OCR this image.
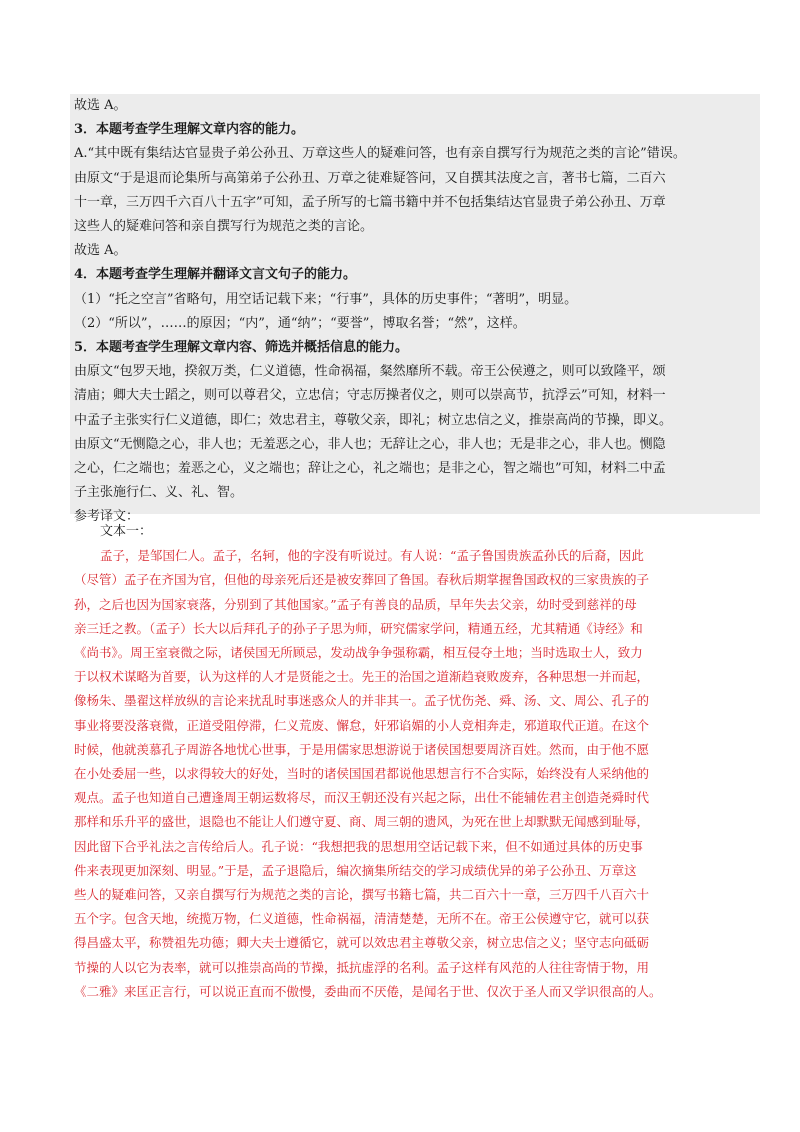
故选 A。
3．本题考查学生理解文章内容的能力。
A.“其中既有集结达官显贵子弟公孙丑、万章这些人的疑难问答，也有亲自撰写行为规范之类的言论”错误。
由原文“于是退而论集所与高第弟子公孙丑、万章之徒难疑答问，又自撰其法度之言，著书七篇，二百六
十一章，三万四千六百八十五字”可知，孟子所写的七篇书籍中并不包括集结达官显贵子弟公孙丑、万章
这些人的疑难问答和亲自撰写行为规范之类的言论。
故选 A。
4．本题考查学生理解并翻译文言文句子的能力。
（1）“托之空言”省略句，用空话记载下来；“行事”，具体的历史事件；“著明”，明显。
（2）“所以”，……的原因；“内”，通“纳”；“要誉”，博取名誉；“然”，这样。
5．本题考查学生理解文章内容、筛选并概括信息的能力。
由原文“包罗天地，揆叙万类，仁义道德，性命祸福，粲然靡所不载。帝王公侯遵之，则可以致隆平，颂
清庙；卿大夫士蹈之，则可以尊君父，立忠信；守志厉操者仪之，则可以崇高节，抗浮云”可知，材料一
中孟子主张实行仁义道德，即仁；效忠君主，尊敬父亲，即礼；树立忠信之义，推崇高尚的节操，即义。
由原文“无恻隐之心，非人也；无羞恶之心，非人也；无辞让之心，非人也；无是非之心，非人也。恻隐
之心，仁之端也；羞恶之心，义之端也；辞让之心，礼之端也；是非之心，智之端也”可知，材料二中孟
子主张施行仁、义、礼、智。
参考译文：
文本一：
孟子，是邹国仁人。孟子，名轲，他的字没有听说过。有人说：“孟子鲁国贵族孟孙氏的后裔，因此
（尽管）孟子在齐国为官，但他的母亲死后还是被安葬回了鲁国。春秋后期掌握鲁国政权的三家贵族的子
孙，之后也因为国家衰落，分别到了其他国家。”孟子有善良的品质，早年失去父亲，幼时受到慈祥的母
亲三迁之教。（孟子）长大以后拜孔子的孙子子思为师，研究儒家学问，精通五经，尤其精通《诗经》和
《尚书》。周王室衰微之际，诸侯国无所顾忌，发动战争争强称霸，相互侵夺土地；当时选取士人，致力
于以权术谋略为首要，认为这样的人才是贤能之士。先王的治国之道渐趋衰败废弃，各种思想一并而起，
像杨朱、墨翟这样放纵的言论来扰乱时事迷惑众人的并非其一。孟子忧伤尧、舜、汤、文、周公、孔子的
事业将要没落衰微，正道受阻停滞，仁义荒废、懈怠，奸邪谄媚的小人竞相奔走，邪道取代正道。在这个
时候，他就羡慕孔子周游各地忧心世事，于是用儒家思想游说于诸侯国想要周济百姓。然而，由于他不愿
在小处委屈一些，以求得较大的好处，当时的诸侯国国君都说他思想言行不合实际，始终没有人采纳他的
观点。孟子也知道自己遭逢周王朝运数将尽，而汉王朝还没有兴起之际，出仕不能辅佐君主创造尧舜时代
那样和乐升平的盛世，退隐也不能让人们遵守夏、商、周三朝的遗风，为死在世上却默默无闻感到耻辱，
因此留下合乎礼法之言传给后人。孔子说：“我想把我的思想用空话记载下来，但不如通过具体的历史事
件来表现更加深刻、明显。”于是，孟子退隐后，编次摘集所结交的学习成绩优异的弟子公孙丑、万章这
些人的疑难问答，又亲自撰写行为规范之类的言论，撰写书籍七篇，共二百六十一章，三万四千八百六十
五个字。包含天地，统揽万物，仁义道德，性命祸福，清清楚楚，无所不在。帝王公侯遵守它，就可以获
得昌盛太平，称赞祖先功德；卿大夫士遵循它，就可以效忠君主尊敬父亲，树立忠信之义；坚守志向砥砺
节操的人以它为表率，就可以推崇高尚的节操，抵抗虚浮的名利。孟子这样有风范的人往往寄情于物，用
《二雅》来匡正言行，可以说正直而不傲慢，委曲而不厌倦，是闻名于世、仅次于圣人而又学识很高的人。
